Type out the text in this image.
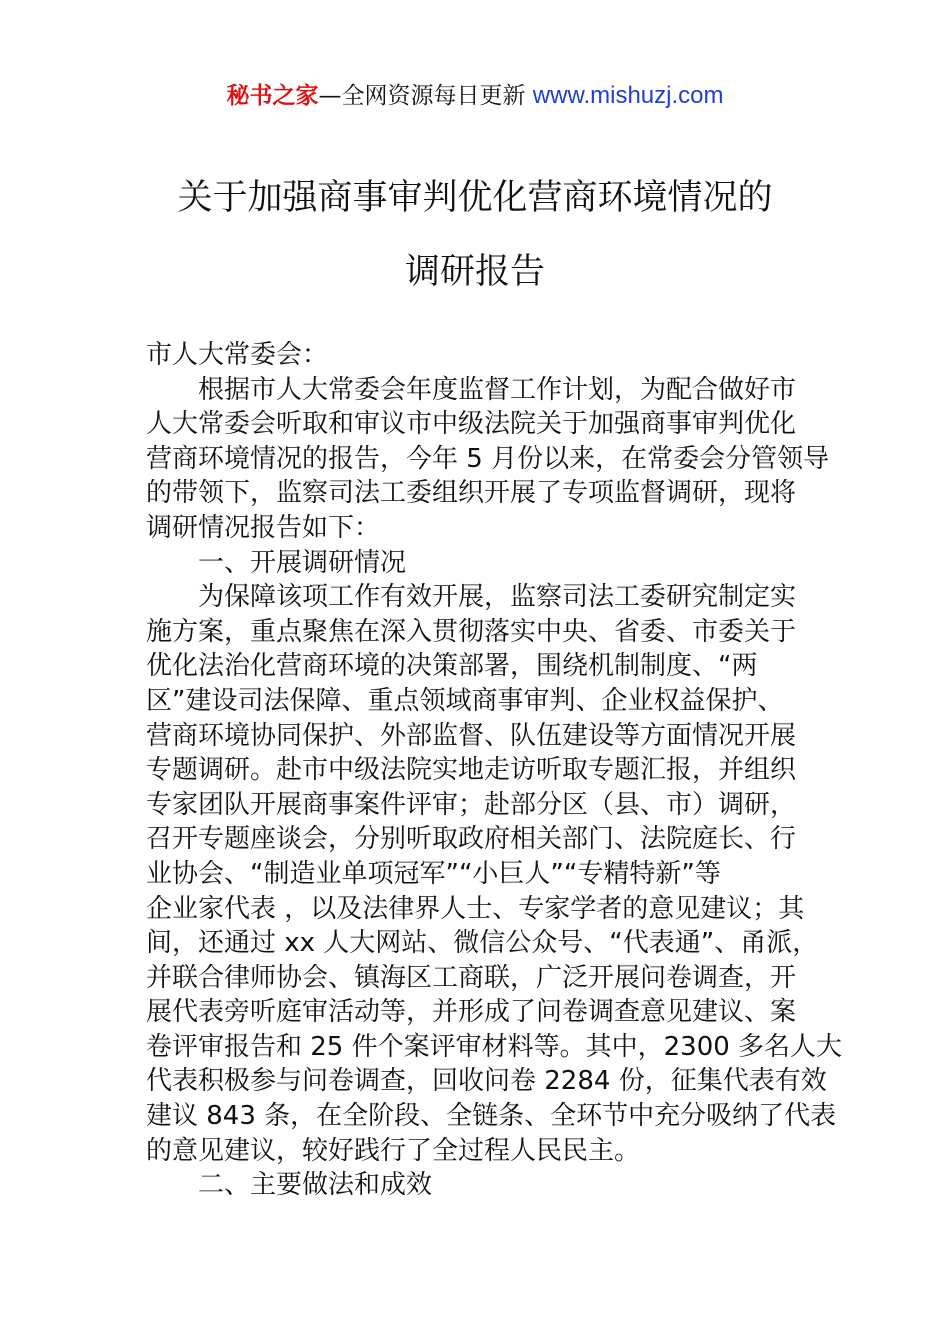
秘书之家—全网资源每日更新 www.mishuzj.com
关于加强商事审判优化营商环境情况的
调研报告
市人大常委会：
根据市人大常委会年度监督工作计划，为配合做好市
人大常委会听取和审议市中级法院关于加强商事审判优化
营商环境情况的报告，今年 5 月份以来，在常委会分管领导
的带领下，监察司法工委组织开展了专项监督调研，现将
调研情况报告如下：
一、开展调研情况
为保障该项工作有效开展，监察司法工委研究制定实
施方案，重点聚焦在深入贯彻落实中央、省委、市委关于
优化法治化营商环境的决策部署，围绕机制制度、“两
区”建设司法保障、重点领域商事审判、企业权益保护、
营商环境协同保护、外部监督、队伍建设等方面情况开展
专题调研。赴市中级法院实地走访听取专题汇报，并组织
专家团队开展商事案件评审；赴部分区（县、市）调研，
召开专题座谈会，分别听取政府相关部门、法院庭长、行
业协会、“制造业单项冠军”“小巨人”“专精特新”等
企业家代表 ，以及法律界人士、专家学者的意见建议；其
间，还通过 xx 人大网站、微信公众号、“代表通”、甬派，
并联合律师协会、镇海区工商联，广泛开展问卷调查，开
展代表旁听庭审活动等，并形成了问卷调查意见建议、案
卷评审报告和 25 件个案评审材料等。其中，2300 多名人大
代表积极参与问卷调查，回收问卷 2284 份，征集代表有效
建议 843 条，在全阶段、全链条、全环节中充分吸纳了代表
的意见建议，较好践行了全过程人民民主。
二、主要做法和成效
